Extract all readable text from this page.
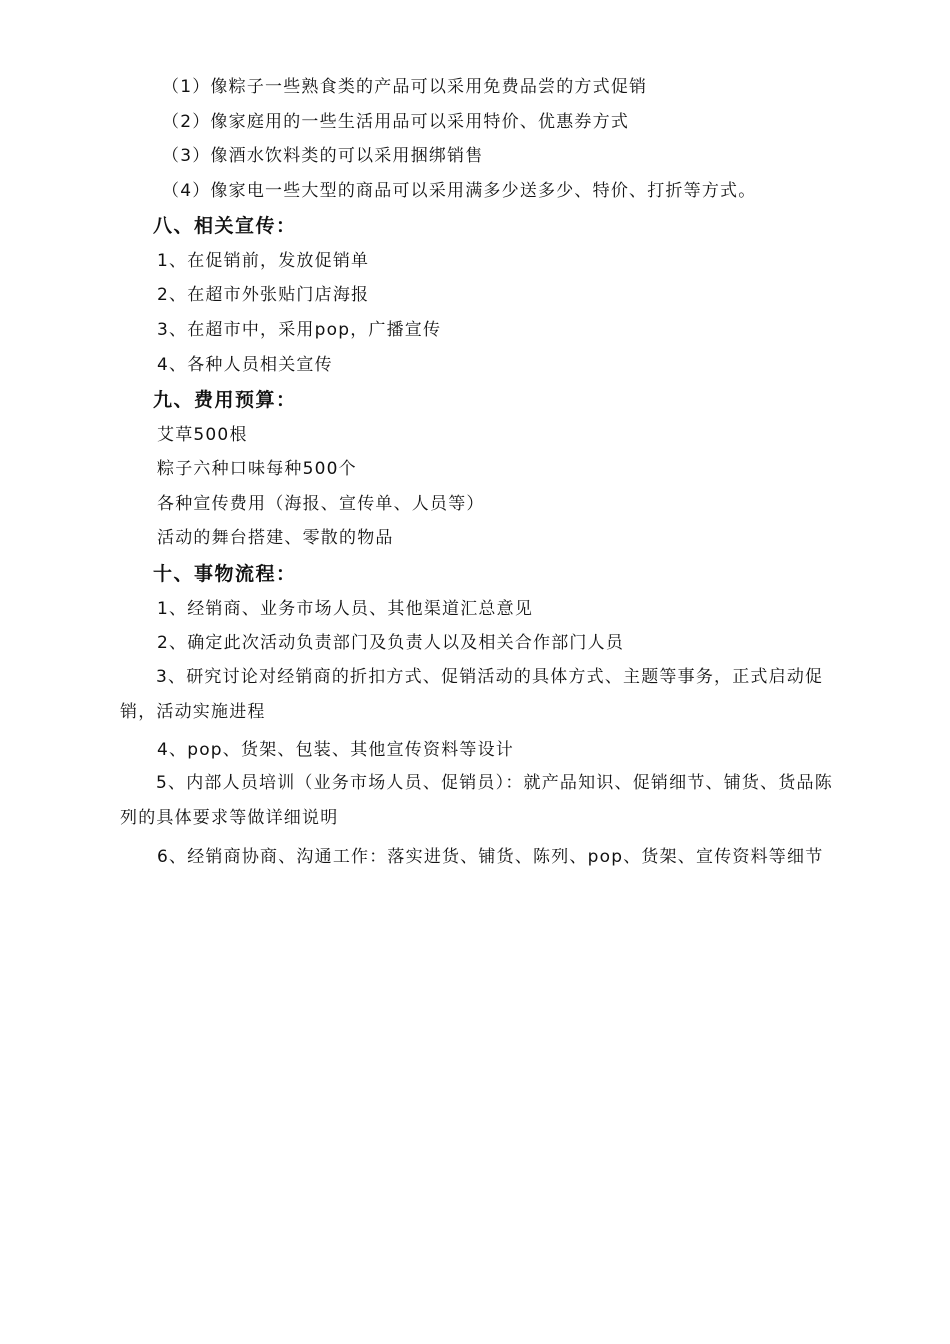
（1）像粽子一些熟食类的产品可以采用免费品尝的方式促销
（2）像家庭用的一些生活用品可以采用特价、优惠券方式
（3）像酒水饮料类的可以采用捆绑销售
（4）像家电一些大型的商品可以采用满多少送多少、特价、打折等方式。
八、相关宣传：
1、在促销前，发放促销单
2、在超市外张贴门店海报
3、在超市中，采用pop，广播宣传
4、各种人员相关宣传
九、费用预算：
艾草500根
粽子六种口味每种500个
各种宣传费用（海报、宣传单、人员等）
活动的舞台搭建、零散的物品
十、事物流程：
1、经销商、业务市场人员、其他渠道汇总意见
2、确定此次活动负责部门及负责人以及相关合作部门人员
3、研究讨论对经销商的折扣方式、促销活动的具体方式、主题等事务，正式启动促销，活动实施进程
4、pop、货架、包装、其他宣传资料等设计
5、内部人员培训（业务市场人员、促销员）：就产品知识、促销细节、铺货、货品陈列的具体要求等做详细说明
6、经销商协商、沟通工作：落实进货、铺货、陈列、pop、货架、宣传资料等细节
